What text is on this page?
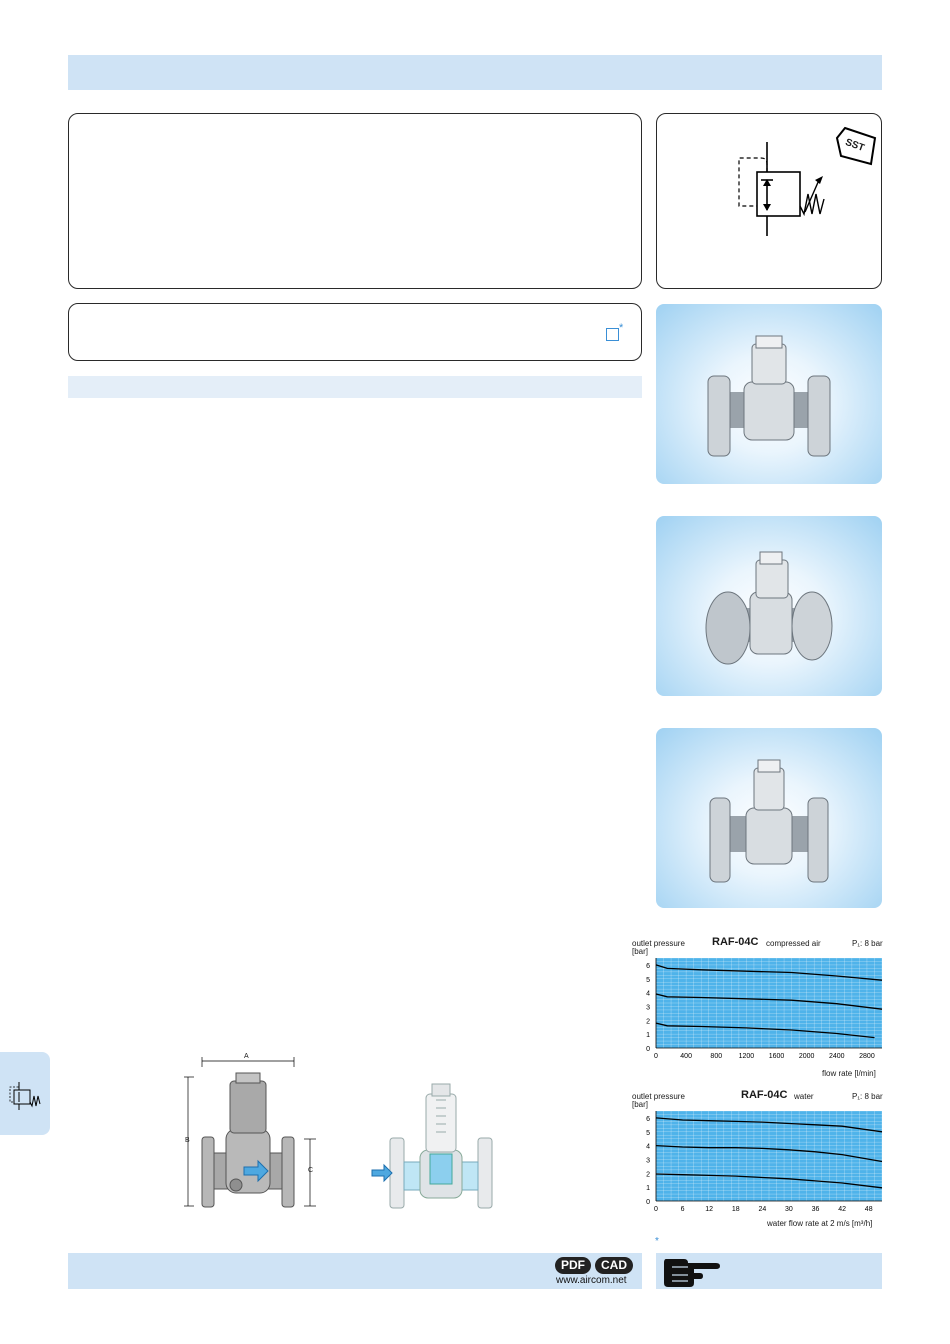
SST
*
A
B
C
outlet pressure
[bar]
RAF-04C compressed air	P₁: 8 bar
0
1
2
3
4
5
6
0	400	800 1200 1600 2000 2400 2800
flow rate [l/min]
outlet pressure
[bar]
RAF-04C water	P₁: 8 bar
0
1
2
3
4
5
6
0	6	12	18	24	30	36	42	48
water flow rate at 2 m/s [m³/h]
*
PDF	CAD
www.aircom.net
